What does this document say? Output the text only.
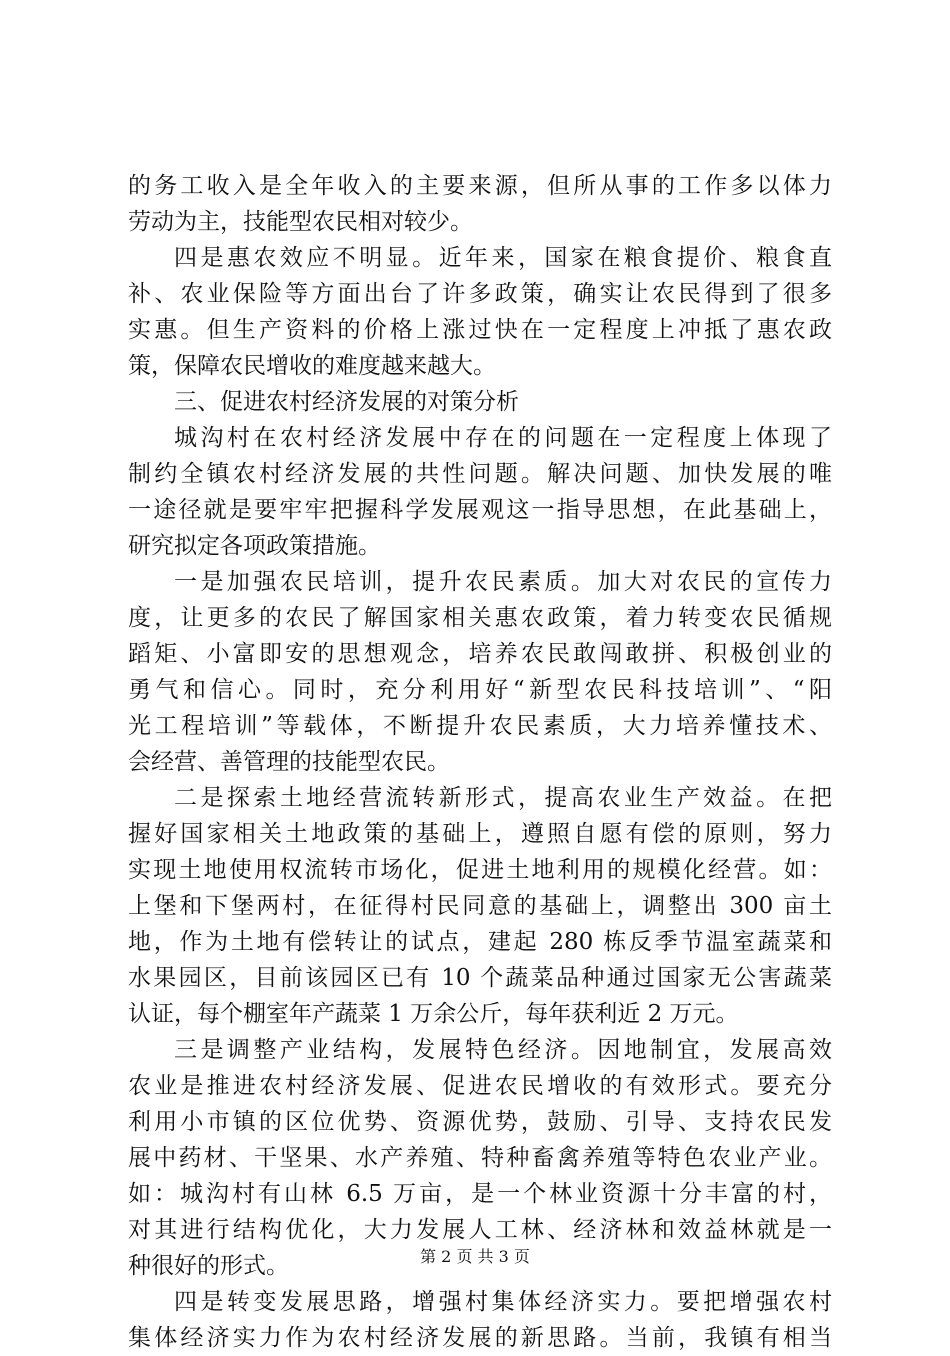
的务工收入是全年收入的主要来源，但所从事的工作多以体力
劳动为主，技能型农民相对较少。
四是惠农效应不明显。近年来，国家在粮食提价、粮食直
补、农业保险等方面出台了许多政策，确实让农民得到了很多
实惠。但生产资料的价格上涨过快在一定程度上冲抵了惠农政
策，保障农民增收的难度越来越大。
三、促进农村经济发展的对策分析
城沟村在农村经济发展中存在的问题在一定程度上体现了
制约全镇农村经济发展的共性问题。解决问题、加快发展的唯
一途径就是要牢牢把握科学发展观这一指导思想，在此基础上，
研究拟定各项政策措施。
一是加强农民培训，提升农民素质。加大对农民的宣传力
度，让更多的农民了解国家相关惠农政策，着力转变农民循规
蹈矩、小富即安的思想观念，培养农民敢闯敢拼、积极创业的
勇气和信心。同时，充分利用好“新型农民科技培训”、“阳
光工程培训”等载体，不断提升农民素质，大力培养懂技术、
会经营、善管理的技能型农民。
二是探索土地经营流转新形式，提高农业生产效益。在把
握好国家相关土地政策的基础上，遵照自愿有偿的原则，努力
实现土地使用权流转市场化，促进土地利用的规模化经营。如：
上堡和下堡两村，在征得村民同意的基础上，调整出 300 亩土
地，作为土地有偿转让的试点，建起 280 栋反季节温室蔬菜和
水果园区，目前该园区已有 10 个蔬菜品种通过国家无公害蔬菜
认证，每个棚室年产蔬菜 1 万余公斤，每年获利近 2 万元。
三是调整产业结构，发展特色经济。因地制宜，发展高效
农业是推进农村经济发展、促进农民增收的有效形式。要充分
利用小市镇的区位优势、资源优势，鼓励、引导、支持农民发
展中药材、干坚果、水产养殖、特种畜禽养殖等特色农业产业。
如：城沟村有山林 6.5 万亩，是一个林业资源十分丰富的村，
对其进行结构优化，大力发展人工林、经济林和效益林就是一
种很好的形式。
四是转变发展思路，增强村集体经济实力。要把增强农村
集体经济实力作为农村经济发展的新思路。当前，我镇有相当
第 2 页 共 3 页
